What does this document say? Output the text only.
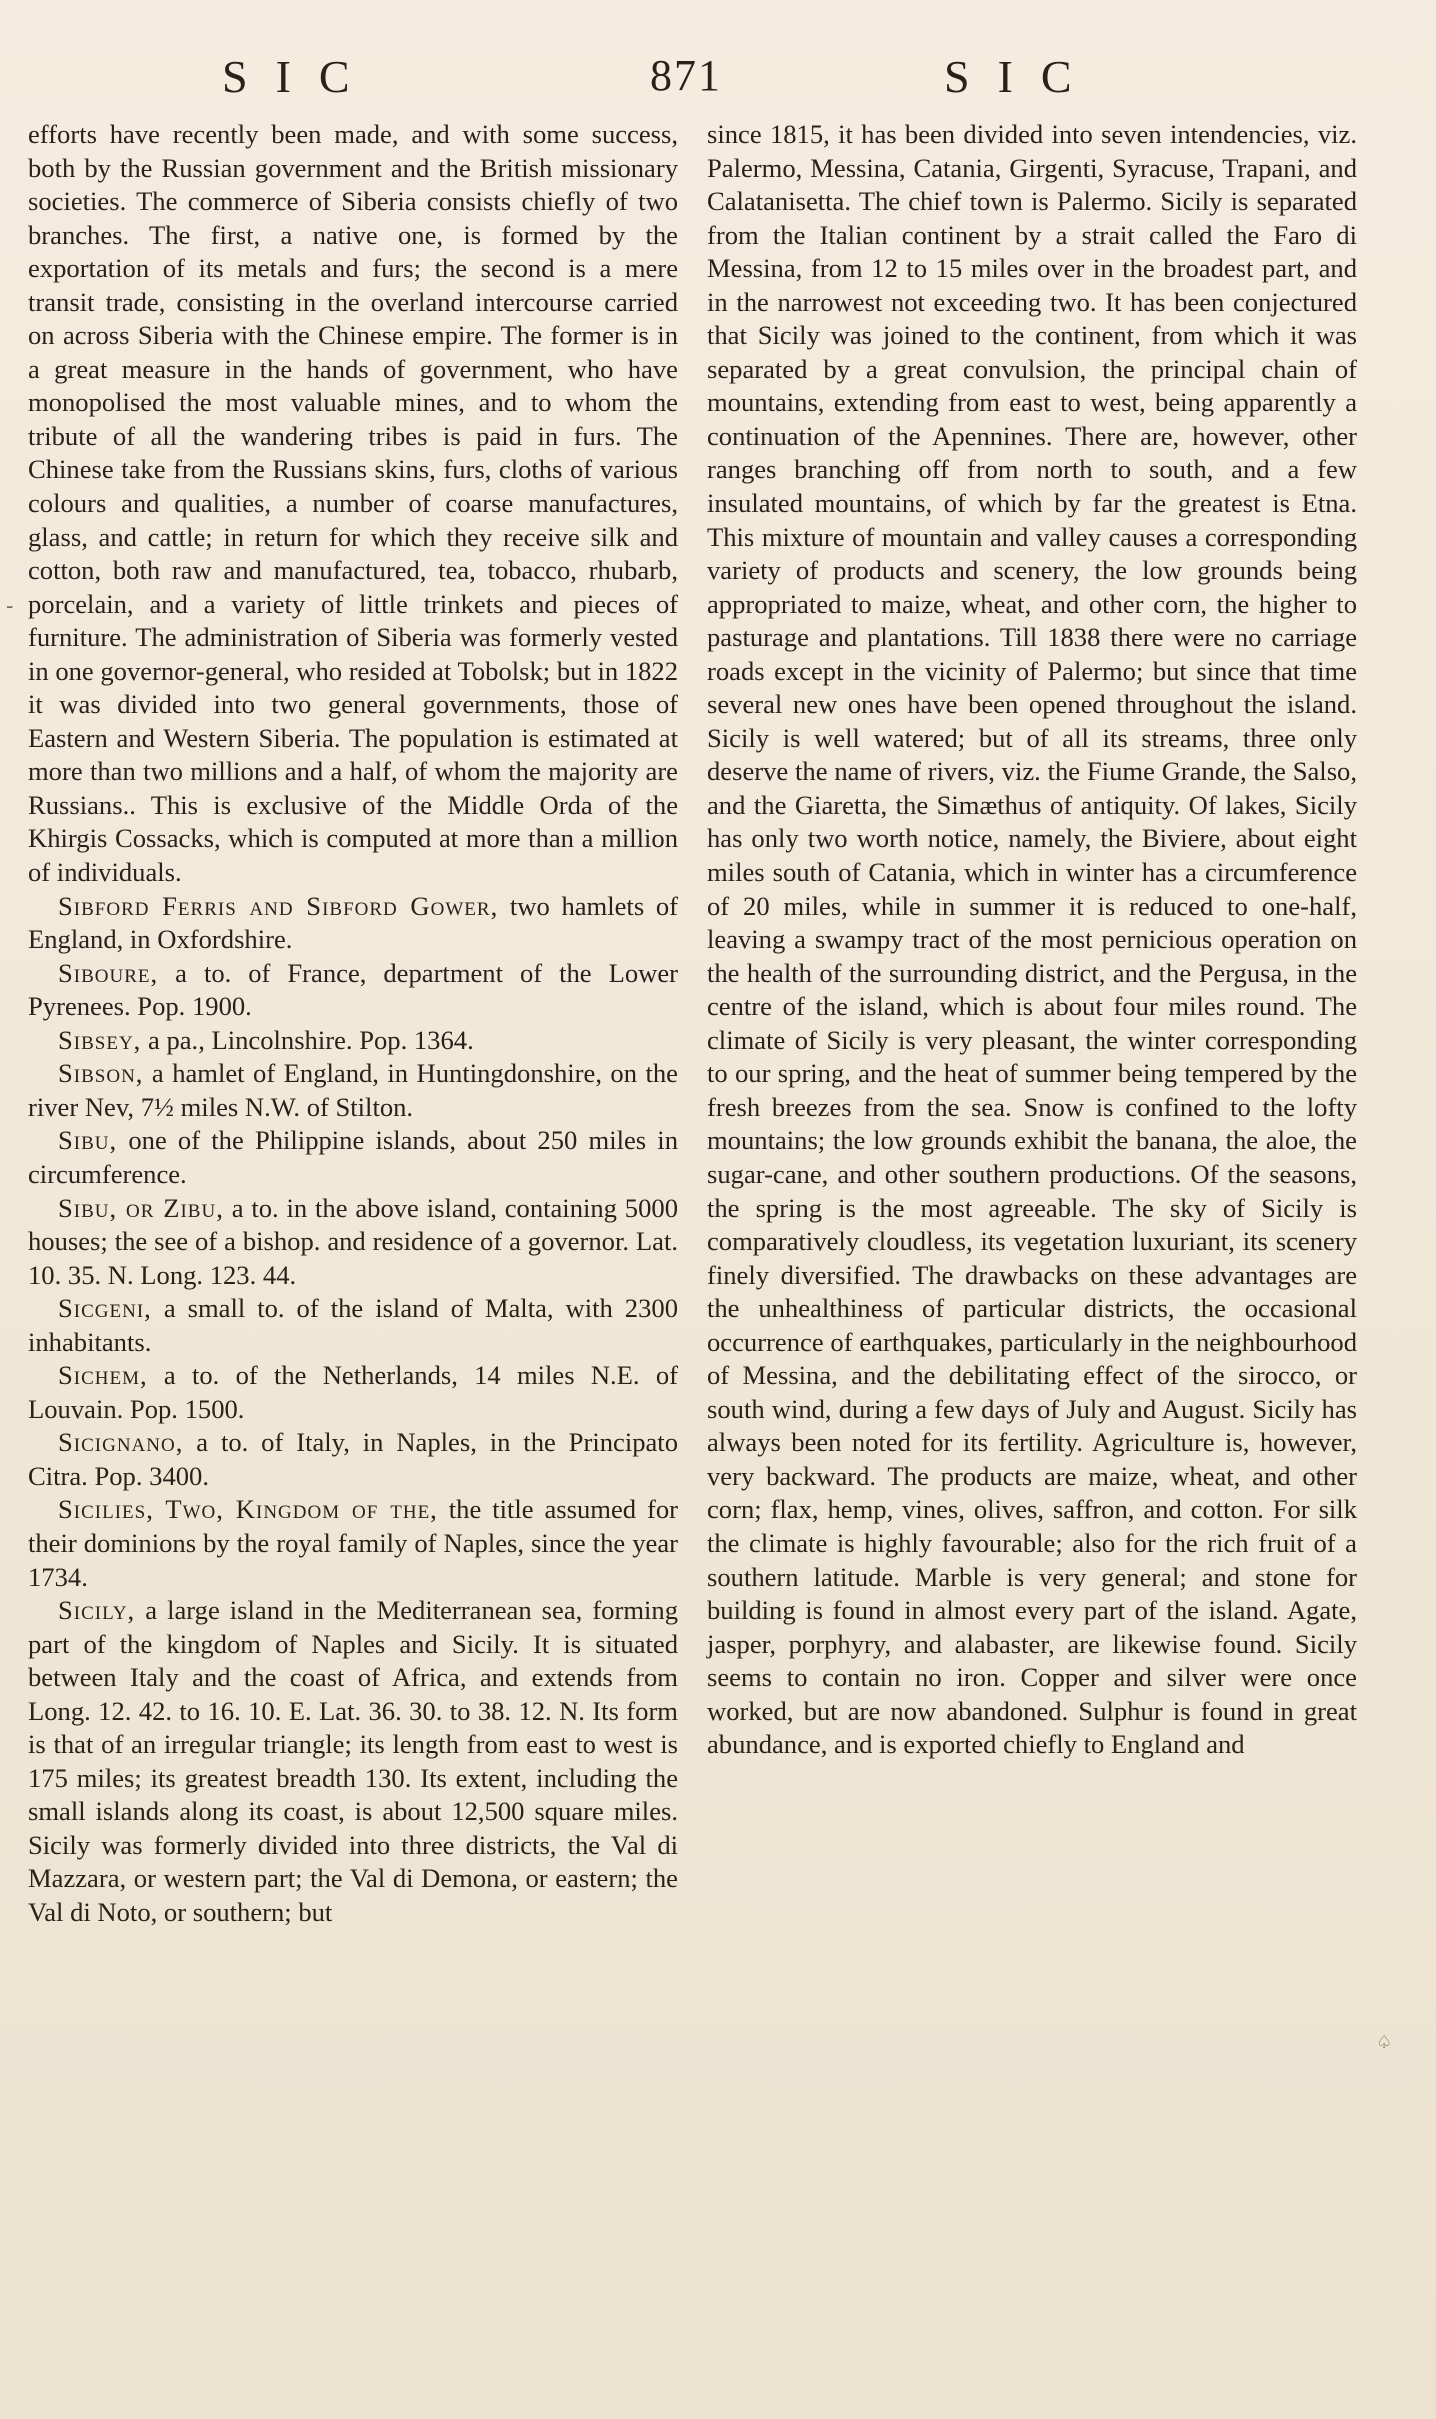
SIC	871	SIC

efforts have recently been made, and with some success, both by the Russian government and the British missionary societies. The commerce of Siberia consists chiefly of two branches. The first, a native one, is formed by the exportation of its metals and furs; the second is a mere transit trade, consisting in the overland intercourse carried on across Siberia with the Chinese empire. The former is in a great measure in the hands of government, who have monopolised the most valuable mines, and to whom the tribute of all the wandering tribes is paid in furs. The Chinese take from the Russians skins, furs, cloths of various colours and qualities, a number of coarse manufactures, glass, and cattle; in return for which they receive silk and cotton, both raw and manufactured, tea, tobacco, rhubarb, porcelain, and a variety of little trinkets and pieces of furniture. The administration of Siberia was formerly vested in one governor-general, who resided at Tobolsk; but in 1822 it was divided into two general governments, those of Eastern and Western Siberia. The population is estimated at more than two millions and a half, of whom the majority are Russians.. This is exclusive of the Middle Orda of the Khirgis Cossacks, which is computed at more than a million of individuals.

Sibford Ferris and Sibford Gower, two hamlets of England, in Oxfordshire.

Siboure, a to. of France, department of the Lower Pyrenees. Pop. 1900.

Sibsey, a pa., Lincolnshire. Pop. 1364.

Sibson, a hamlet of England, in Huntingdonshire, on the river Nev, 7½ miles N.W. of Stilton.

Sibu, one of the Philippine islands, about 250 miles in circumference.

Sibu, or Zibu, a to. in the above island, containing 5000 houses; the see of a bishop. and residence of a governor. Lat. 10. 35. N. Long. 123. 44.

Sicgeni, a small to. of the island of Malta, with 2300 inhabitants.

Sichem, a to. of the Netherlands, 14 miles N.E. of Louvain. Pop. 1500.

Sicignano, a to. of Italy, in Naples, in the Principato Citra. Pop. 3400.

Sicilies, Two, Kingdom of the, the title assumed for their dominions by the royal family of Naples, since the year 1734.

Sicily, a large island in the Mediterranean sea, forming part of the kingdom of Naples and Sicily. It is situated between Italy and the coast of Africa, and extends from Long. 12. 42. to 16. 10. E. Lat. 36. 30. to 38. 12. N. Its form is that of an irregular triangle; its length from east to west is 175 miles; its greatest breadth 130. Its extent, including the small islands along its coast, is about 12,500 square miles. Sicily was formerly divided into three districts, the Val di Mazzara, or western part; the Val di Demona, or eastern; the Val di Noto, or southern; but

since 1815, it has been divided into seven intendencies, viz. Palermo, Messina, Catania, Girgenti, Syracuse, Trapani, and Calatanisetta. The chief town is Palermo. Sicily is separated from the Italian continent by a strait called the Faro di Messina, from 12 to 15 miles over in the broadest part, and in the narrowest not exceeding two. It has been conjectured that Sicily was joined to the continent, from which it was separated by a great convulsion, the principal chain of mountains, extending from east to west, being apparently a continuation of the Apennines. There are, however, other ranges branching off from north to south, and a few insulated mountains, of which by far the greatest is Etna. This mixture of mountain and valley causes a corresponding variety of products and scenery, the low grounds being appropriated to maize, wheat, and other corn, the higher to pasturage and plantations. Till 1838 there were no carriage roads except in the vicinity of Palermo; but since that time several new ones have been opened throughout the island. Sicily is well watered; but of all its streams, three only deserve the name of rivers, viz. the Fiume Grande, the Salso, and the Giaretta, the Simæthus of antiquity. Of lakes, Sicily has only two worth notice, namely, the Biviere, about eight miles south of Catania, which in winter has a circumference of 20 miles, while in summer it is reduced to one-half, leaving a swampy tract of the most pernicious operation on the health of the surrounding district, and the Pergusa, in the centre of the island, which is about four miles round. The climate of Sicily is very pleasant, the winter corresponding to our spring, and the heat of summer being tempered by the fresh breezes from the sea. Snow is confined to the lofty mountains; the low grounds exhibit the banana, the aloe, the sugar-cane, and other southern productions. Of the seasons, the spring is the most agreeable. The sky of Sicily is comparatively cloudless, its vegetation luxuriant, its scenery finely diversified. The drawbacks on these advantages are the unhealthiness of particular districts, the occasional occurrence of earthquakes, particularly in the neighbourhood of Messina, and the debilitating effect of the sirocco, or south wind, during a few days of July and August. Sicily has always been noted for its fertility. Agriculture is, however, very backward. The products are maize, wheat, and other corn; flax, hemp, vines, olives, saffron, and cotton. For silk the climate is highly favourable; also for the rich fruit of a southern latitude. Marble is very general; and stone for building is found in almost every part of the island. Agate, jasper, porphyry, and alabaster, are likewise found. Sicily seems to contain no iron. Copper and silver were once worked, but are now abandoned. Sulphur is found in great abundance, and is exported chiefly to England and

-
♤
